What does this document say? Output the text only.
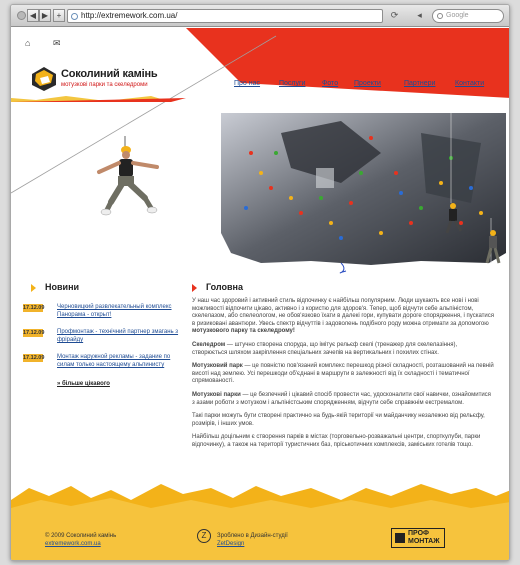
◀ ▶	+	http://extremework.com.ua/	⟳	◂	Google
⌂	✉
Соколиний камінь
мотузкові парки та скеледроми	Про нас	Послуги Фото Проекти	Партнери	Контакти
Новини
17.12.09 Черновицкий развлекательный комплекс Панорама - открыт!
17.12.09 Профмонтаж - технічний партнер змагань з фрірайду
17.12.09 Монтаж наружной рекламы - задание по силам только настоящему альпинисту
» більше цікавого
Головна

У наш час здоровий і активний стиль відпочинку є найбільш популярним. Люди шукають все нові і нові можливості відпочити цікаво, активно і з користю для здоров'я. Тепер, щоб відчути себе альпіністом, скелелазом, або спелеологом, не обов'язково їхати в далекі гори, купувати дороге спорядження, і пускатися в ризиковані авантюри. Увесь спектр відчуттів і задоволень подібного роду можна отримати за допомогою мотузкового парку та скеледрому!

Скеледром — штучно створена споруда, що імітує рельєф скелі (тренажер для скелелазіння), створюється шляхом закріплення спеціальних зачепів на вертикальних і похилих стінах.

Мотузковий парк — це повністю пов'язаний комплекс перешкод різної складності, розташований на певній висоті над землею. Усі перешкоди об'єднані в маршрути в залежності від їх складності і тематичної спрямованості.

Мотузкові парки — це безпечний і цікавий спосіб провести час, удосконалити свої навички, ознайомитися з азами роботи з мотузком і альпіністським спорядженням, відчути себе справжнім екстремалом.

Такі парки можуть бути створені практично на будь-якій території чи майданчику незалежно від рельєфу, розмірів, і інших умов.

Найбільш доцільним є створення парків в містах (торговельно-розважальні центри, спорткулуби, парки відпочинку), а також на території туристичних баз, пріськотичних комплексів, заміських готелів тощо.

© 2009 Соколиний камінь
extremework.com.ua
Z	Зроблено в Дизайн-студії
ZetDesign
ПРОФ
МОНТАЖ
